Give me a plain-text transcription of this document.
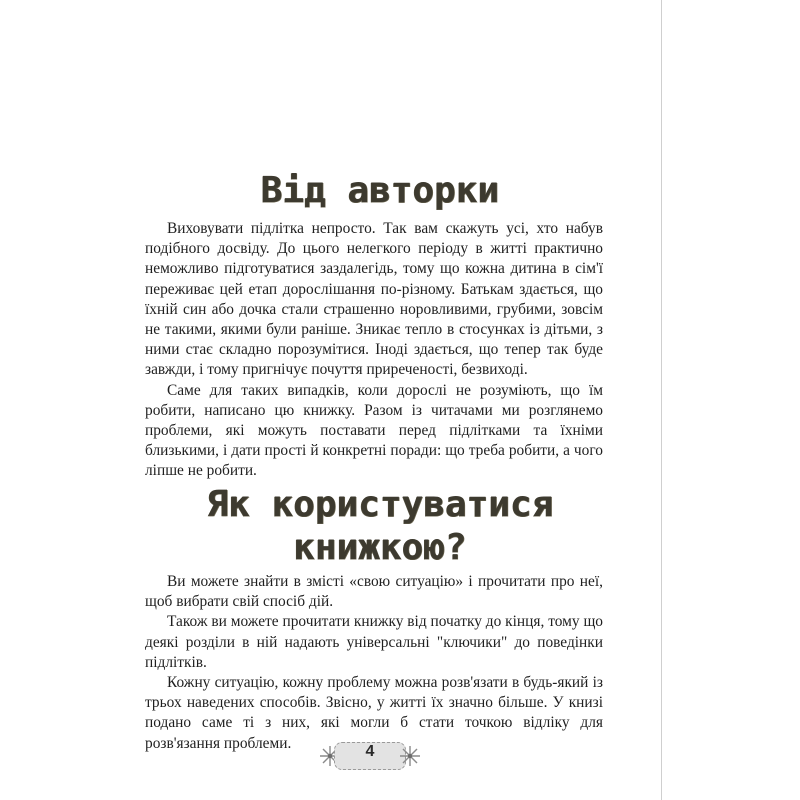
Від авторки

Виховувати підлітка непросто. Так вам скажуть усі, хто набув подібного досвіду. До цього нелегкого періоду в житті практично неможливо підготуватися заздалегідь, тому що кожна дитина в сім'ї переживає цей етап дорослішання по-різному. Батькам здається, що їхній син або дочка стали страшенно норовливими, грубими, зовсім не такими, якими були раніше. Зникає тепло в стосунках із дітьми, з ними стає складно порозумітися. Іноді здається, що тепер так буде завжди, і тому пригнічує почуття приреченості, безвиході.

Саме для таких випадків, коли дорослі не розуміють, що їм робити, написано цю книжку. Разом із читачами ми розглянемо проблеми, які можуть поставати перед підлітками та їхніми близькими, і дати прості й конкретні поради: що треба робити, а чого ліпше не робити.

Як користуватися
книжкою?

Ви можете знайти в змісті «свою ситуацію» і прочитати про неї, щоб вибрати свій спосіб дій.

Також ви можете прочитати книжку від початку до кінця, тому що деякі розділи в ній надають універсальні "ключики" до поведінки підлітків.

Кожну ситуацію, кожну проблему можна розв'язати в будь-який із трьох наведених способів. Звісно, у житті їх значно більше. У книзі подано саме ті з них, які могли б стати точкою відліку для розв'язання проблеми.	4
